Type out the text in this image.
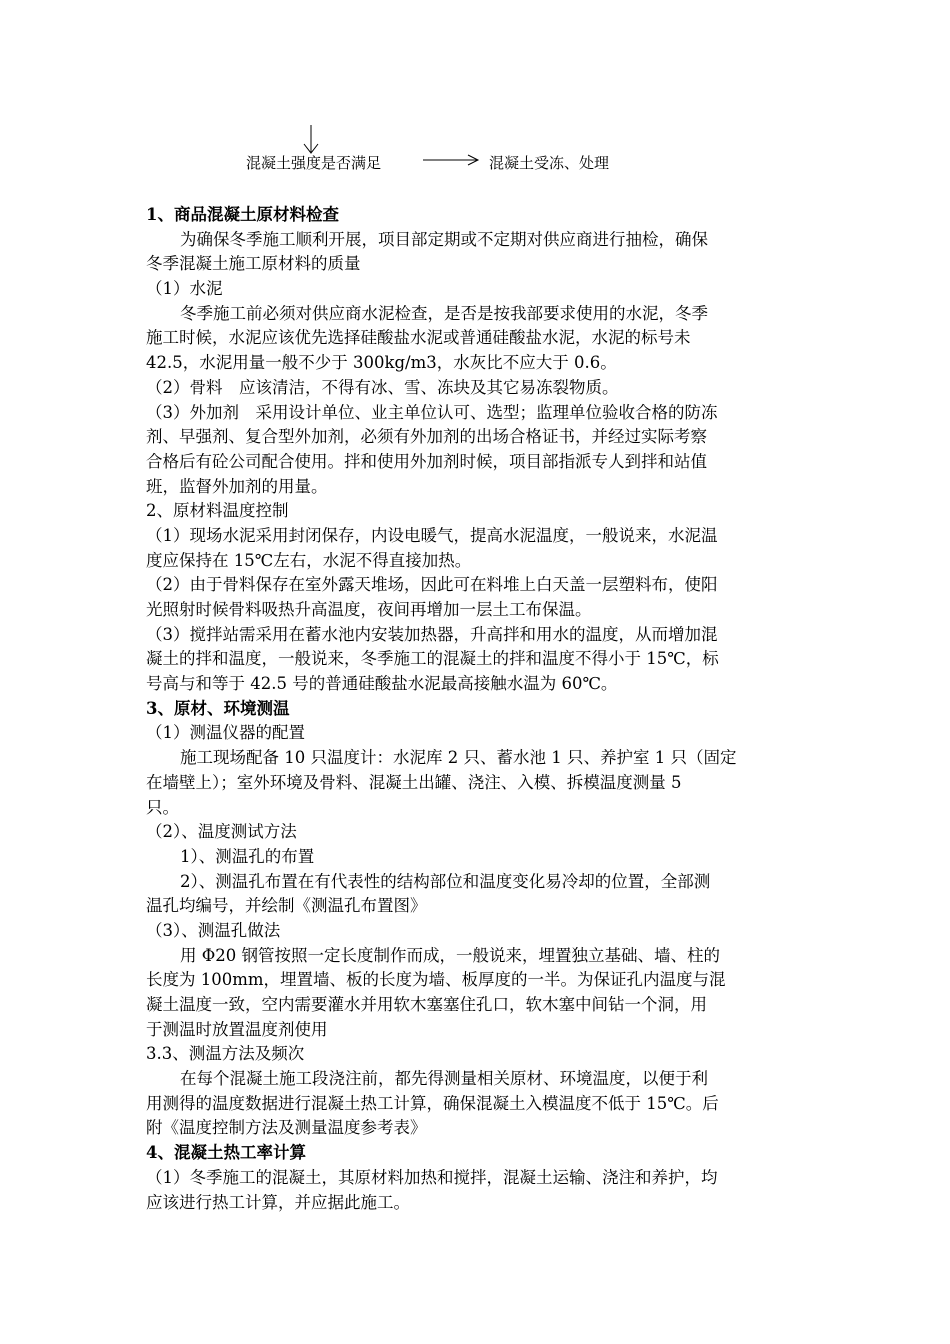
混凝土强度是否满足	混凝土受冻、处理
1、商品混凝土原材料检查
为确保冬季施工顺利开展，项目部定期或不定期对供应商进行抽检，确保
冬季混凝土施工原材料的质量
（1）水泥
冬季施工前必须对供应商水泥检查，是否是按我部要求使用的水泥，冬季
施工时候，水泥应该优先选择硅酸盐水泥或普通硅酸盐水泥，水泥的标号未
42.5，水泥用量一般不少于 300kg/m3，水灰比不应大于 0.6。
（2）骨料　应该清洁，不得有冰、雪、冻块及其它易冻裂物质。
（3）外加剂　采用设计单位、业主单位认可、选型；监理单位验收合格的防冻
剂、早强剂、复合型外加剂，必须有外加剂的出场合格证书，并经过实际考察
合格后有砼公司配合使用。拌和使用外加剂时候，项目部指派专人到拌和站值
班，监督外加剂的用量。
2、原材料温度控制
（1）现场水泥采用封闭保存，内设电暖气，提高水泥温度，一般说来，水泥温
度应保持在 15℃左右，水泥不得直接加热。
（2）由于骨料保存在室外露天堆场，因此可在料堆上白天盖一层塑料布，使阳
光照射时候骨料吸热升高温度，夜间再增加一层土工布保温。
（3）搅拌站需采用在蓄水池内安装加热器，升高拌和用水的温度，从而增加混
凝土的拌和温度，一般说来，冬季施工的混凝土的拌和温度不得小于 15℃，标
号高与和等于 42.5 号的普通硅酸盐水泥最高接触水温为 60℃。
3、原材、环境测温
（1）测温仪器的配置
施工现场配备 10 只温度计：水泥库 2 只、蓄水池 1 只、养护室 1 只（固定
在墙壁上）；室外环境及骨料、混凝土出罐、浇注、入模、拆模温度测量 5
只。
（2）、温度测试方法
1）、测温孔的布置
2）、测温孔布置在有代表性的结构部位和温度变化易冷却的位置，全部测
温孔均编号，并绘制《测温孔布置图》
（3）、测温孔做法
用 Φ20 钢管按照一定长度制作而成，一般说来，埋置独立基础、墙、柱的
长度为 100mm，埋置墙、板的长度为墙、板厚度的一半。为保证孔内温度与混
凝土温度一致，空内需要灌水并用软木塞塞住孔口，软木塞中间钻一个洞，用
于测温时放置温度剂使用
3.3、测温方法及频次
在每个混凝土施工段浇注前，都先得测量相关原材、环境温度，以便于利
用测得的温度数据进行混凝土热工计算，确保混凝土入模温度不低于 15℃。后
附《温度控制方法及测量温度参考表》
4、混凝土热工率计算
（1）冬季施工的混凝土，其原材料加热和搅拌，混凝土运输、浇注和养护，均
应该进行热工计算，并应据此施工。
